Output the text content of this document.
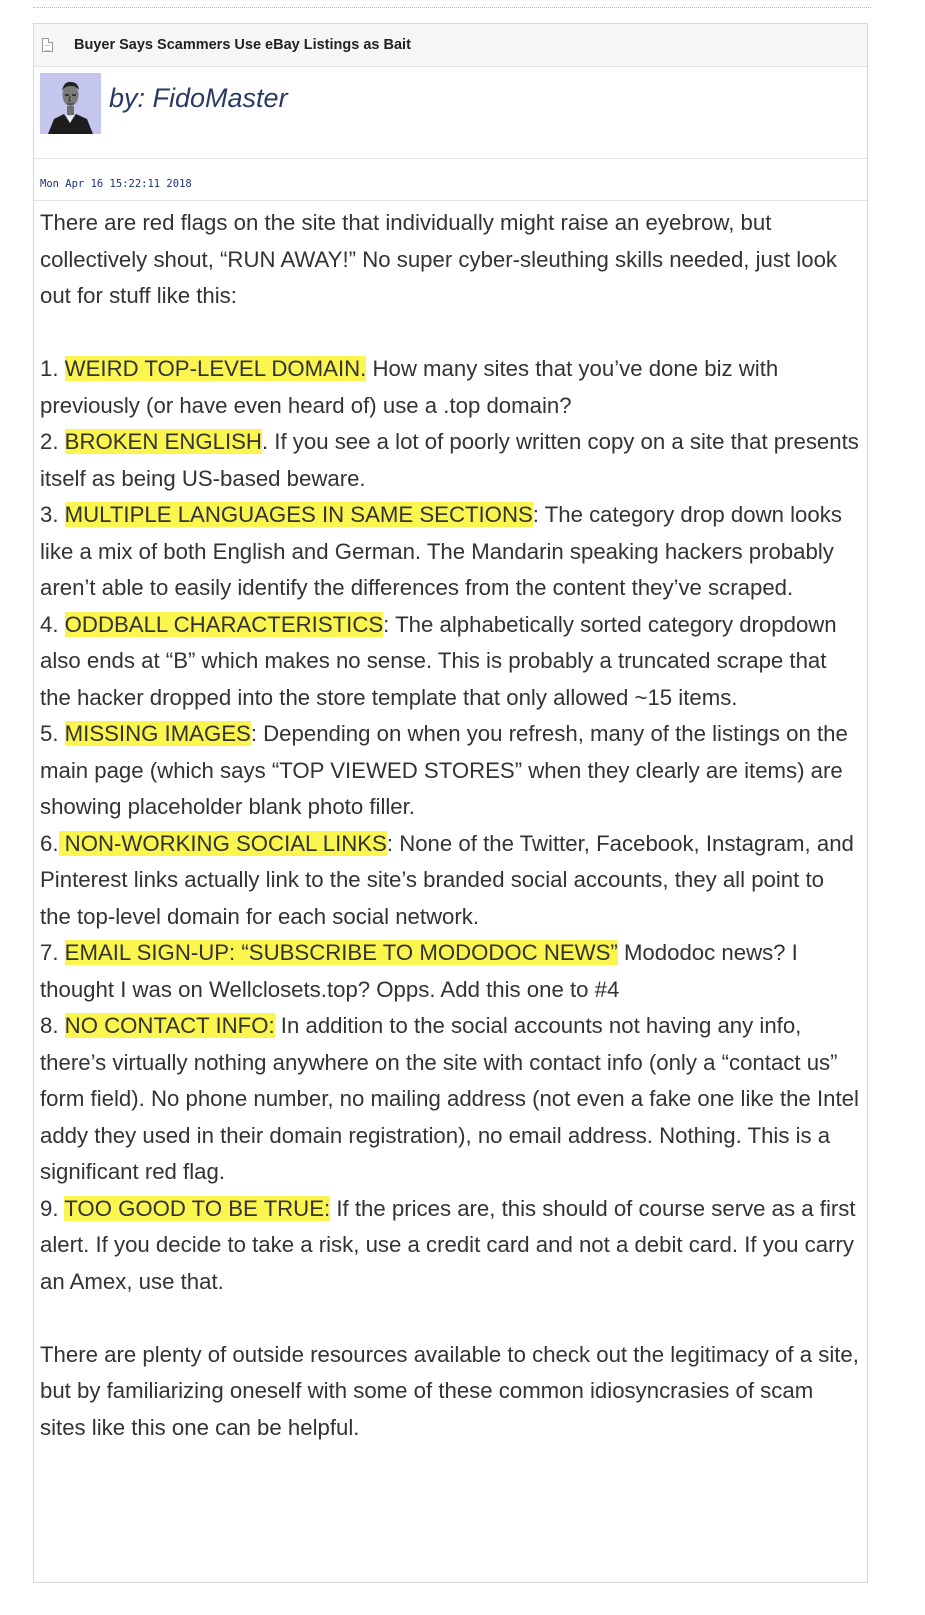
Buyer Says Scammers Use eBay Listings as Bait
by: FidoMaster
Mon Apr 16 15:22:11 2018

There are red flags on the site that individually might raise an eyebrow, but collectively shout, “RUN AWAY!” No super cyber-sleuthing skills needed, just look out for stuff like this:

1. WEIRD TOP-LEVEL DOMAIN. How many sites that you’ve done biz with previously (or have even heard of) use a .top domain?

2. BROKEN ENGLISH. If you see a lot of poorly written copy on a site that presents itself as being US-based beware.

3. MULTIPLE LANGUAGES IN SAME SECTIONS: The category drop down looks like a mix of both English and German. The Mandarin speaking hackers probably aren’t able to easily identify the differences from the content they’ve scraped.

4. ODDBALL CHARACTERISTICS: The alphabetically sorted category dropdown also ends at “B” which makes no sense. This is probably a truncated scrape that the hacker dropped into the store template that only allowed ~15 items.

5. MISSING IMAGES: Depending on when you refresh, many of the listings on the main page (which says “TOP VIEWED STORES” when they clearly are items) are showing placeholder blank photo filler.

6. NON-WORKING SOCIAL LINKS: None of the Twitter, Facebook, Instagram, and Pinterest links actually link to the site’s branded social accounts, they all point to the top-level domain for each social network.

7. EMAIL SIGN-UP: “SUBSCRIBE TO MODODOC NEWS” Mododoc news? I thought I was on Wellclosets.top? Opps. Add this one to #4

8. NO CONTACT INFO: In addition to the social accounts not having any info, there’s virtually nothing anywhere on the site with contact info (only a “contact us” form field). No phone number, no mailing address (not even a fake one like the Intel addy they used in their domain registration), no email address. Nothing. This is a significant red flag.

9. TOO GOOD TO BE TRUE: If the prices are, this should of course serve as a first alert. If you decide to take a risk, use a credit card and not a debit card. If you carry an Amex, use that.

There are plenty of outside resources available to check out the legitimacy of a site, but by familiarizing oneself with some of these common idiosyncrasies of scam sites like this one can be helpful.
